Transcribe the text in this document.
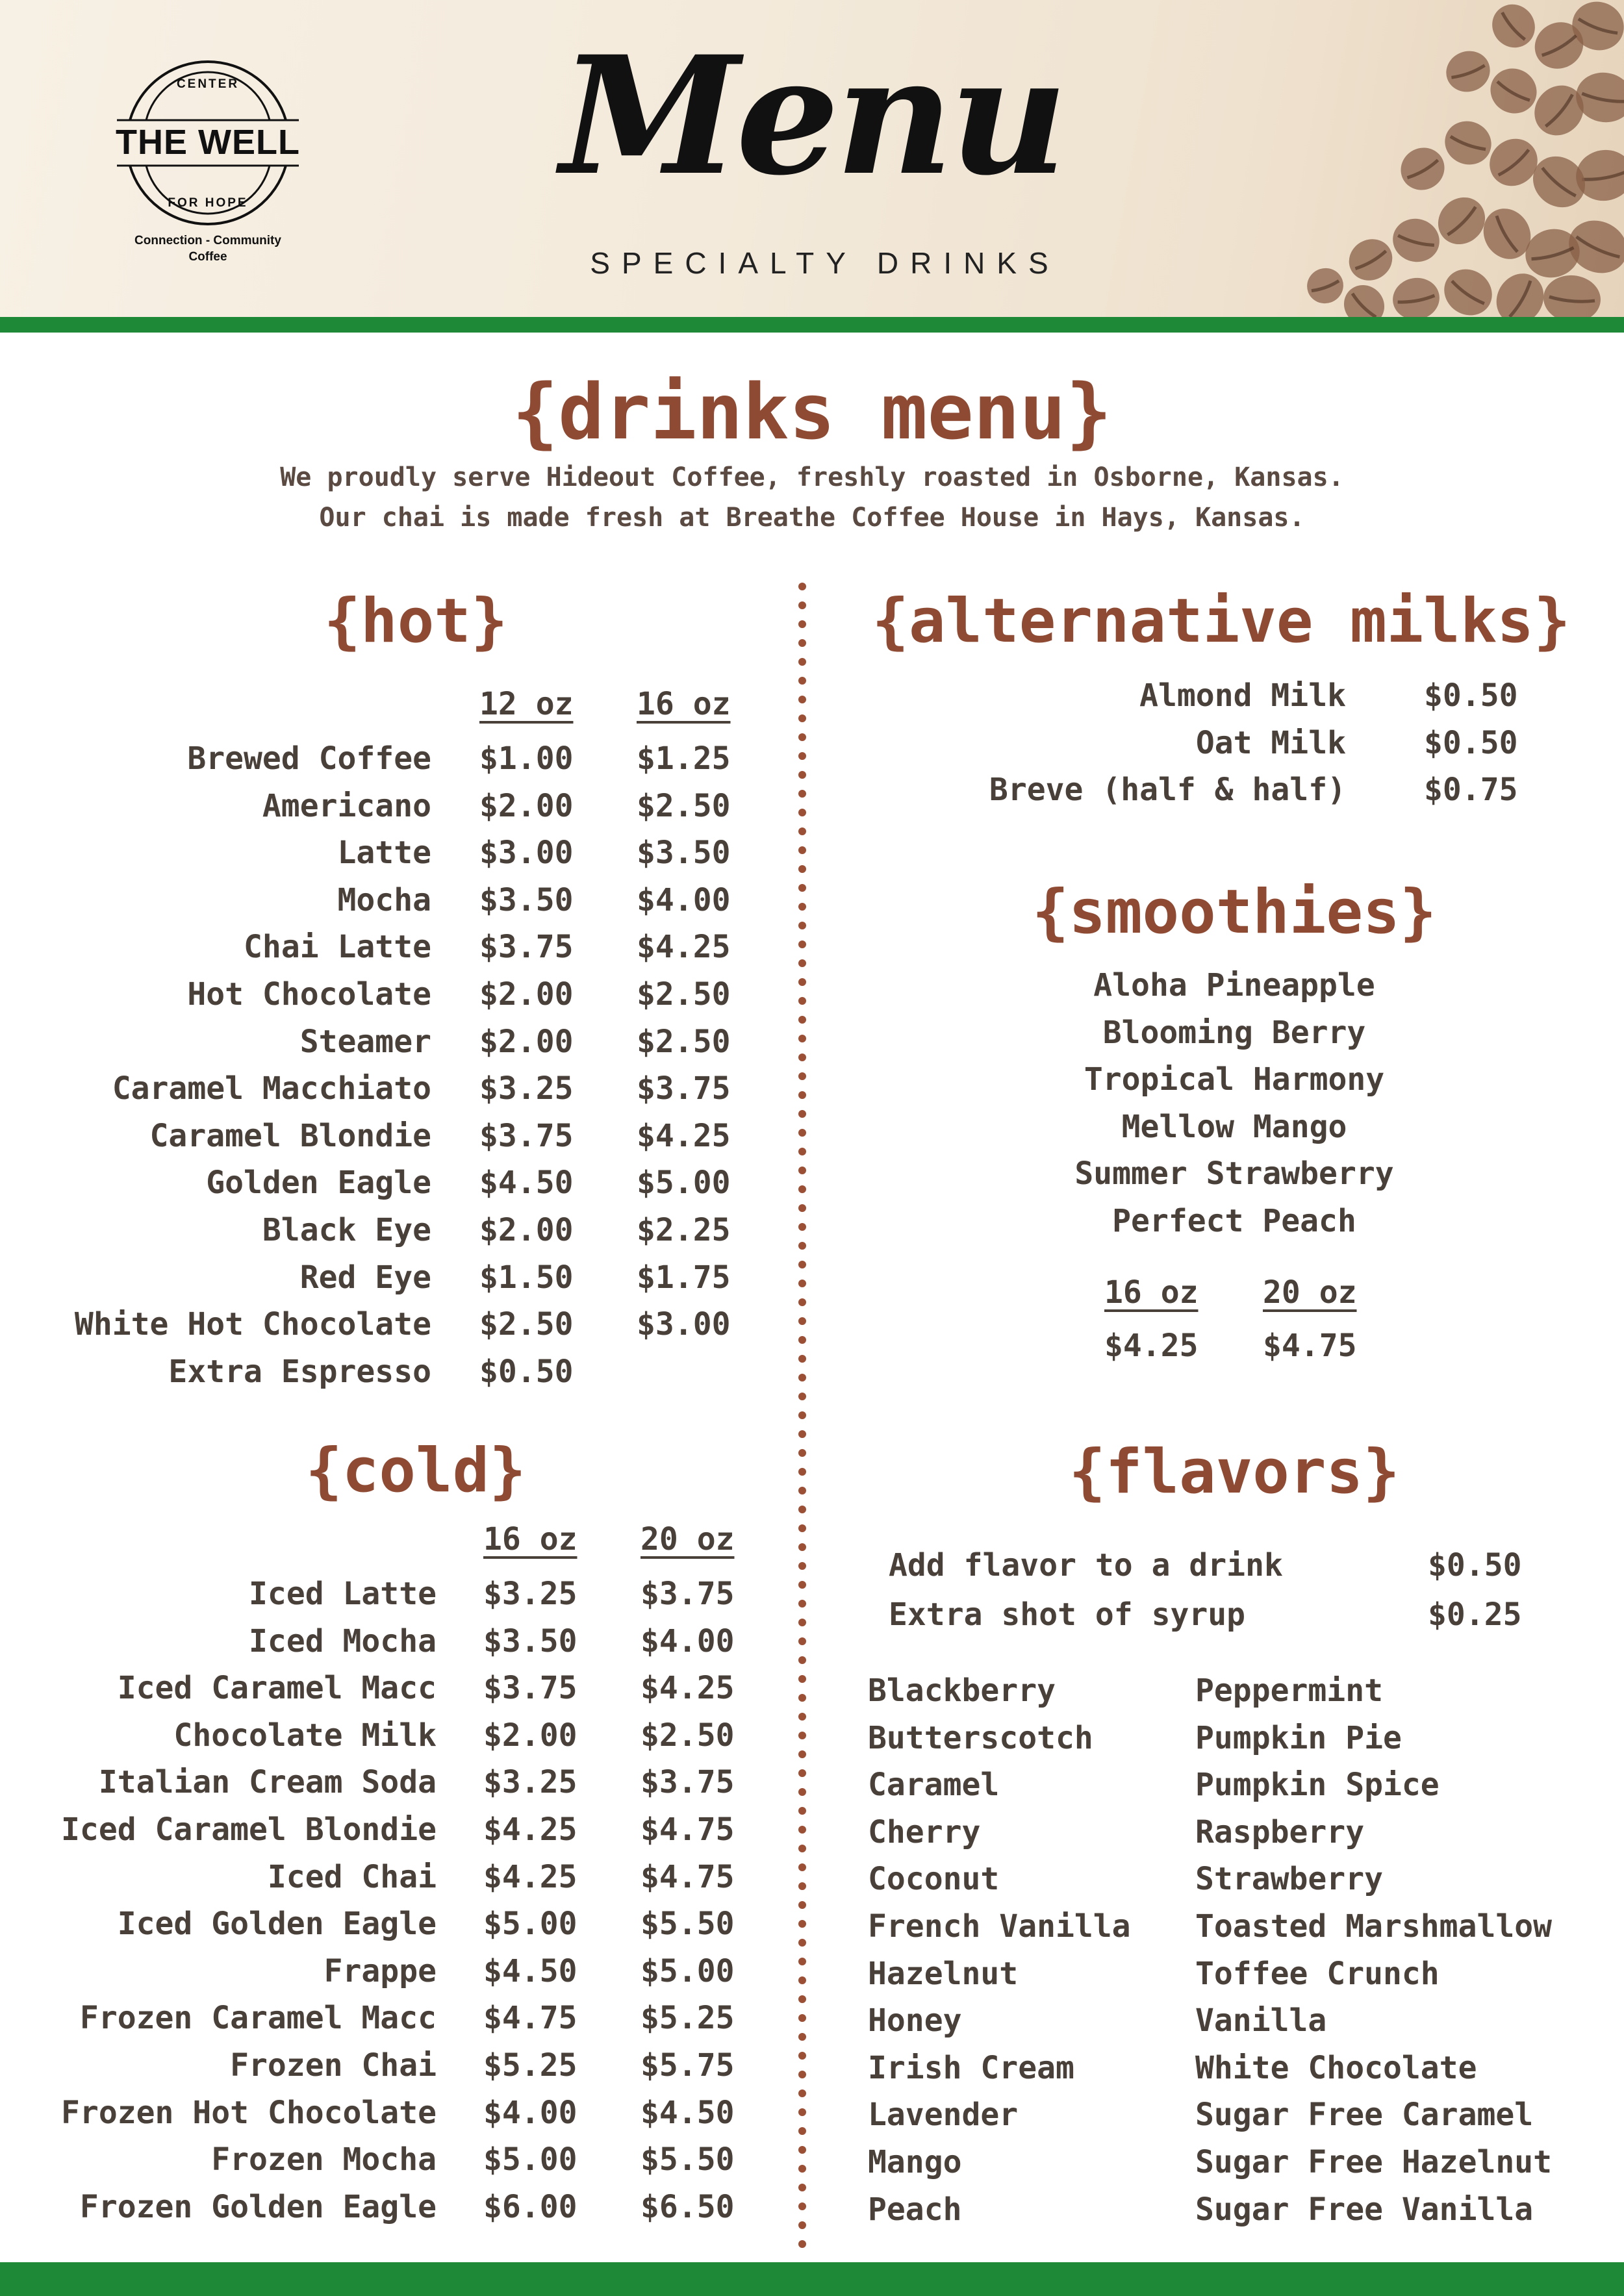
CENTER
FOR HOPE
THE WELL
Connection - Community
Coffee
Menu
SPECIALTY DRINKS
{drinks menu}
We proudly serve Hideout Coffee, freshly roasted in Osborne, Kansas.
Our chai is made fresh at Breathe Coffee House in Hays, Kansas.
{hot}
12 oz 16 oz
Brewed Coffee $1.00 $1.25
Americano $2.00 $2.50
Latte $3.00 $3.50
Mocha $3.50 $4.00
Chai Latte $3.75 $4.25
Hot Chocolate $2.00 $2.50
Steamer $2.00 $2.50
Caramel Macchiato $3.25 $3.75
Caramel Blondie $3.75 $4.25
Golden Eagle $4.50 $5.00
Black Eye $2.00 $2.25
Red Eye $1.50 $1.75
White Hot Chocolate $2.50 $3.00
Extra Espresso $0.50
{cold}
16 oz 20 oz
Iced Latte $3.25 $3.75
Iced Mocha $3.50 $4.00
Iced Caramel Macc $3.75 $4.25
Chocolate Milk $2.00 $2.50
Italian Cream Soda $3.25 $3.75
Iced Caramel Blondie $4.25 $4.75
Iced Chai $4.25 $4.75
Iced Golden Eagle $5.00 $5.50
Frappe $4.50 $5.00
Frozen Caramel Macc $4.75 $5.25
Frozen Chai $5.25 $5.75
Frozen Hot Chocolate $4.00 $4.50
Frozen Mocha $5.00 $5.50
Frozen Golden Eagle $6.00 $6.50
{alternative milks}
Almond Milk	$0.50
Oat Milk	$0.50
Breve (half & half)	$0.75
{smoothies}
Aloha Pineapple
Blooming Berry
Tropical Harmony
Mellow Mango
Summer Strawberry
Perfect Peach
16 oz 20 oz
$4.25 $4.75
{flavors}
Add flavor to a drink	$0.50
Extra shot of syrup	$0.25
Blackberry
Butterscotch
Caramel
Cherry
Coconut
French Vanilla
Hazelnut
Honey
Irish Cream
Lavender
Mango
Peach
Peppermint
Pumpkin Pie
Pumpkin Spice
Raspberry
Strawberry
Toasted Marshmallow
Toffee Crunch
Vanilla
White Chocolate
Sugar Free Caramel
Sugar Free Hazelnut
Sugar Free Vanilla
